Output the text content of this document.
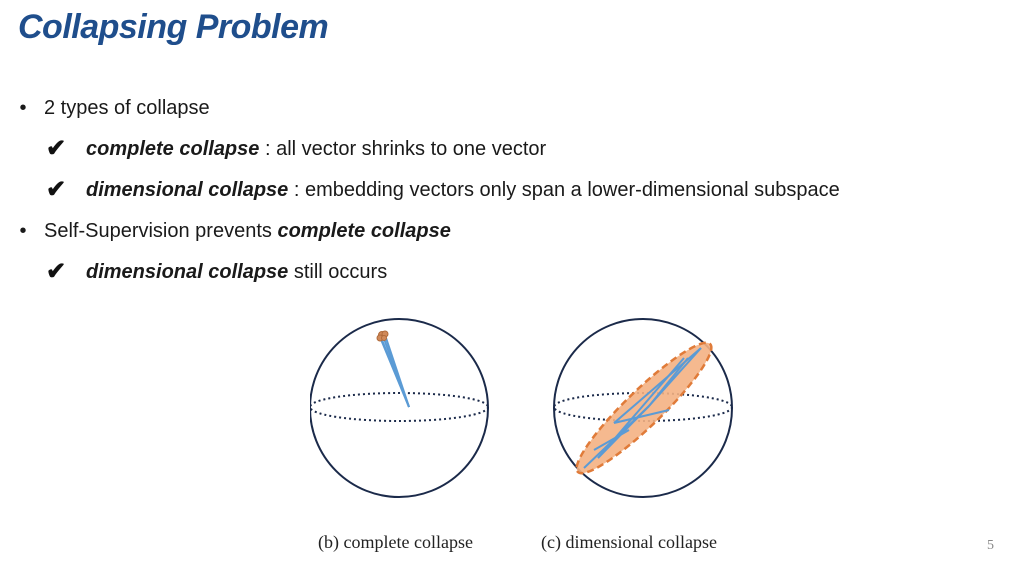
Collapsing Problem
• 2 types of collapse
✔ complete collapse : all vector shrinks to one vector
✔ dimensional collapse : embedding vectors only span a lower-dimensional subspace
• Self-Supervision prevents complete collapse
✔ dimensional collapse still occurs
(b) complete collapse	(c) dimensional collapse	5
